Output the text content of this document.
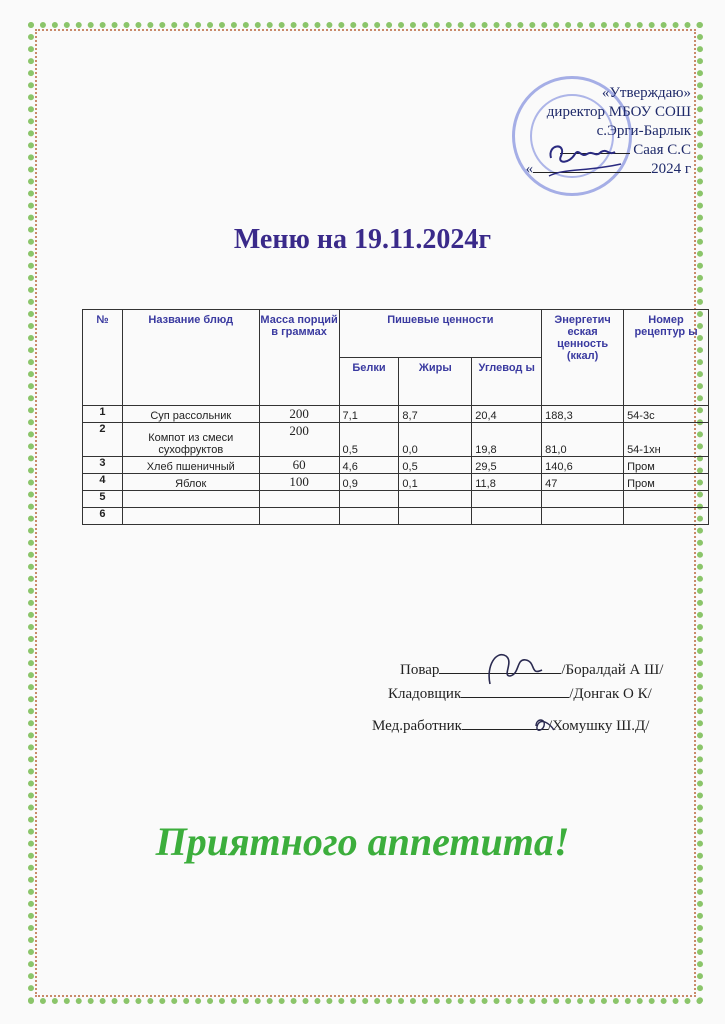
«Утверждаю»
директор МБОУ СОШ
с.Эрги-Барлык
Саая С.С
«	2024 г
Меню на 19.11.2024г
№	Название блюд	Масса порций в граммах	Пишевые ценности			Энергетич еская ценность (ккал)	Номер рецептур ы
			Белки	Жиры	Углевод ы		
1	Суп рассольник	200	7,1	8,7	20,4	188,3	54-3с
2	Компот из смеси сухофруктов	200	0,5	0,0	19,8	81,0	54-1хн
3	Хлеб пшеничный	60	4,6	0,5	29,5	140,6	Пром
4	Яблок	100	0,9	0,1	11,8	47	Пром
5							
6							
Повар	/Боралдай А Ш/
Кладовщик	/Донгак О К/
Мед.работник	/Хомушку Ш.Д/
Приятного аппетита!
